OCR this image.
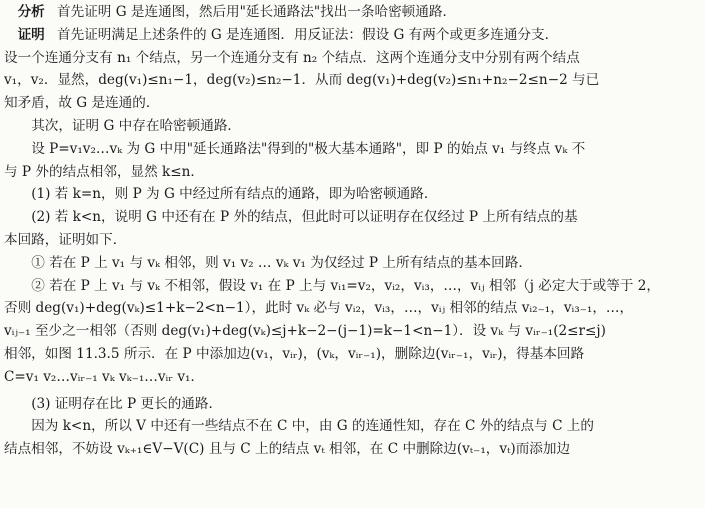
分析 首先证明 G 是连通图，然后用"延长通路法"找出一条哈密顿通路．
证明 首先证明满足上述条件的 G 是连通图．用反证法：假设 G 有两个或更多连通分支．
设一个连通分支有 n₁ 个结点，另一个连通分支有 n₂ 个结点．这两个连通分支中分别有两个结点
v₁，v₂．显然，deg(v₁)≤n₁−1，deg(v₂)≤n₂−1．从而 deg(v₁)+deg(v₂)≤n₁+n₂−2≤n−2 与已
知矛盾，故 G 是连通的．
其次，证明 G 中存在哈密顿通路．
设 P=v₁v₂…vₖ 为 G 中用"延长通路法"得到的"极大基本通路"，即 P 的始点 v₁ 与终点 vₖ 不
与 P 外的结点相邻，显然 k≤n．
(1) 若 k=n，则 P 为 G 中经过所有结点的通路，即为哈密顿通路．
(2) 若 k<n，说明 G 中还有在 P 外的结点，但此时可以证明存在仅经过 P 上所有结点的基
本回路，证明如下．
① 若在 P 上 v₁ 与 vₖ 相邻，则 v₁ v₂ … vₖ v₁ 为仅经过 P 上所有结点的基本回路．
② 若在 P 上 v₁ 与 vₖ 不相邻，假设 v₁ 在 P 上与 vᵢ₁=v₂，vᵢ₂，vᵢ₃，…，vᵢⱼ 相邻（j 必定大于或等于 2，
否则 deg(v₁)+deg(vₖ)≤1+k−2<n−1），此时 vₖ 必与 vᵢ₂，vᵢ₃，…，vᵢⱼ 相邻的结点 vᵢ₂₋₁，vᵢ₃₋₁，…，
vᵢⱼ₋₁ 至少之一相邻（否则 deg(v₁)+deg(vₖ)≤j+k−2−(j−1)=k−1<n−1）．设 vₖ 与 vᵢᵣ₋₁(2≤r≤j)
相邻，如图 11.3.5 所示．在 P 中添加边(v₁，vᵢᵣ)，(vₖ，vᵢᵣ₋₁)，删除边(vᵢᵣ₋₁，vᵢᵣ)，得基本回路
C=v₁ v₂…vᵢᵣ₋₁ vₖ vₖ₋₁…vᵢᵣ v₁．
(3) 证明存在比 P 更长的通路．
因为 k<n，所以 V 中还有一些结点不在 C 中，由 G 的连通性知，存在 C 外的结点与 C 上的
结点相邻，不妨设 vₖ₊₁∈V−V(C) 且与 C 上的结点 vₜ 相邻，在 C 中删除边(vₜ₋₁，vₜ)而添加边
